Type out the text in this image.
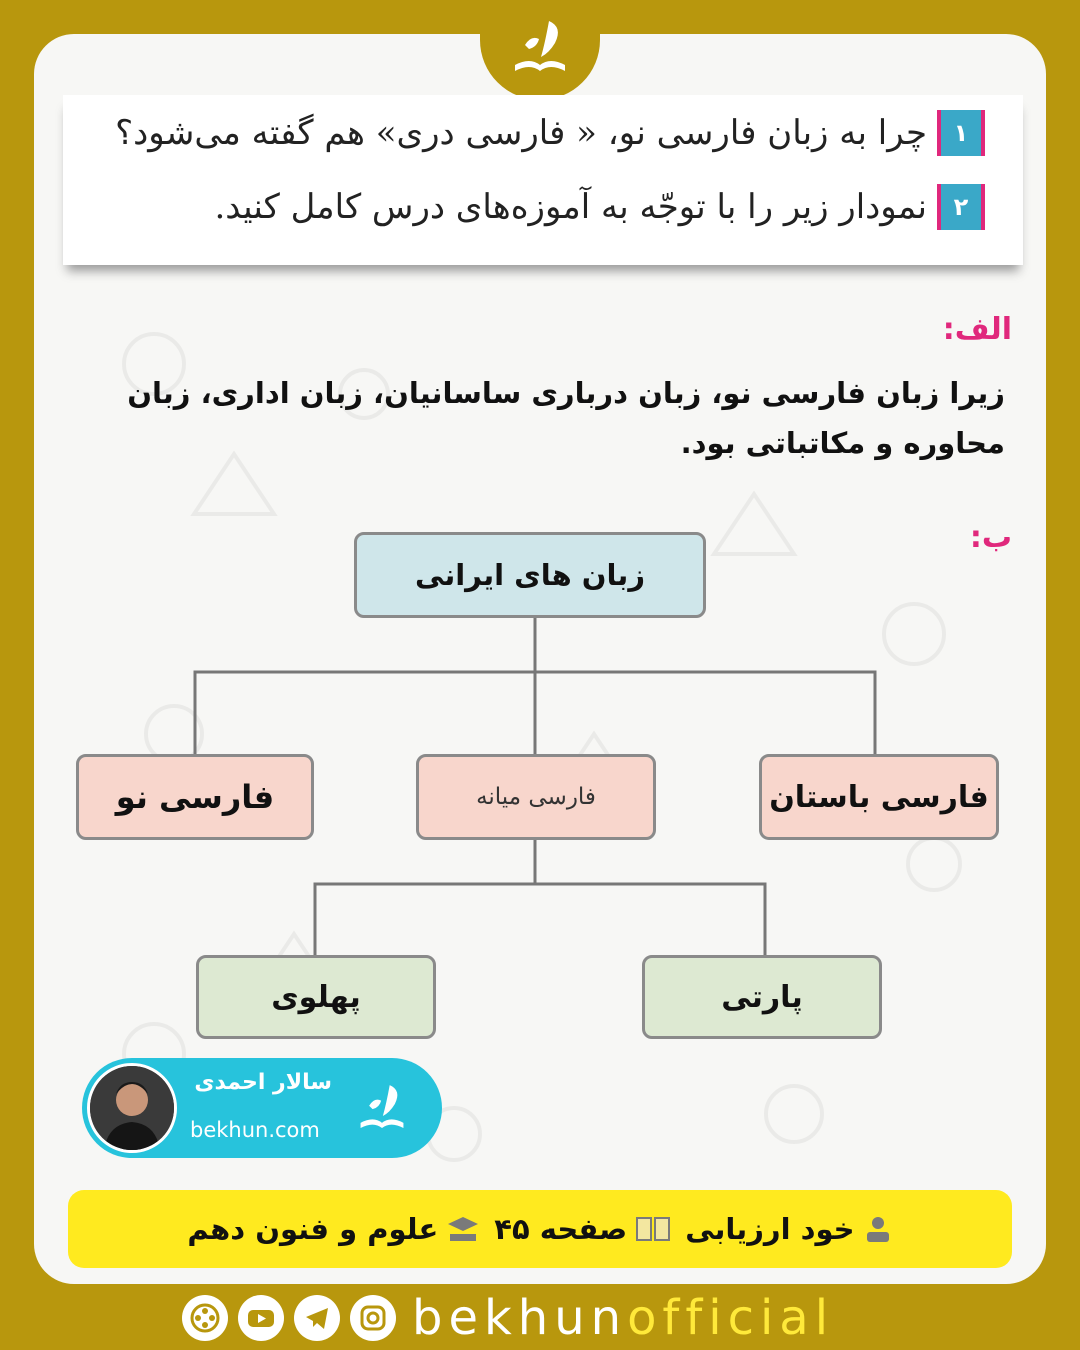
۱
چرا به زبان فارسی نو، « فارسی دری» هم گفته می‌شود؟
۲
نمودار زیر را با توجّه به آموزه‌های درس کامل کنید.
الف:
زیرا زبان فارسی نو، زبان درباری ساسانیان، زبان اداری، زبان محاوره و مکاتباتی بود.
ب:
زبان های ایرانی
فارسی نو	فارسی میانه	فارسی باستان
پهلوی	پارتی
سالار احمدی
bekhun.com
خود ارزیابی
صفحه ۴۵
علوم و فنون دهم
bekhunofficial
